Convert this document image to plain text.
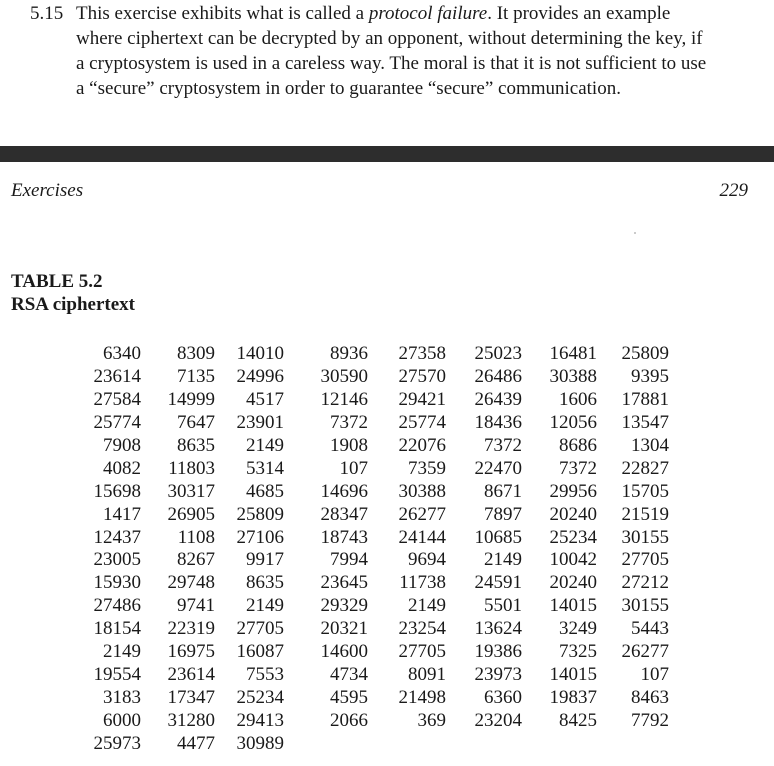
5.15 This exercise exhibits what is called a protocol failure. It provides an example
where ciphertext can be decrypted by an opponent, without determining the key, if
a cryptosystem is used in a careless way. The moral is that it is not sufficient to use
a “secure” cryptosystem in order to guarantee “secure” communication.
Exercises	229
TABLE 5.2
RSA ciphertext
6340	8309	14010	8936	27358	25023	16481	25809
23614	7135	24996	30590	27570	26486	30388	9395
27584	14999	4517	12146	29421	26439	1606	17881
25774	7647	23901	7372	25774	18436	12056	13547
7908	8635	2149	1908	22076	7372	8686	1304
4082	11803	5314	107	7359	22470	7372	22827
15698	30317	4685	14696	30388	8671	29956	15705
1417	26905	25809	28347	26277	7897	20240	21519
12437	1108	27106	18743	24144	10685	25234	30155
23005	8267	9917	7994	9694	2149	10042	27705
15930	29748	8635	23645	11738	24591	20240	27212
27486	9741	2149	29329	2149	5501	14015	30155
18154	22319	27705	20321	23254	13624	3249	5443
2149	16975	16087	14600	27705	19386	7325	26277
19554	23614	7553	4734	8091	23973	14015	107
3183	17347	25234	4595	21498	6360	19837	8463
6000	31280	29413	2066	369	23204	8425	7792
25973	4477	30989					
